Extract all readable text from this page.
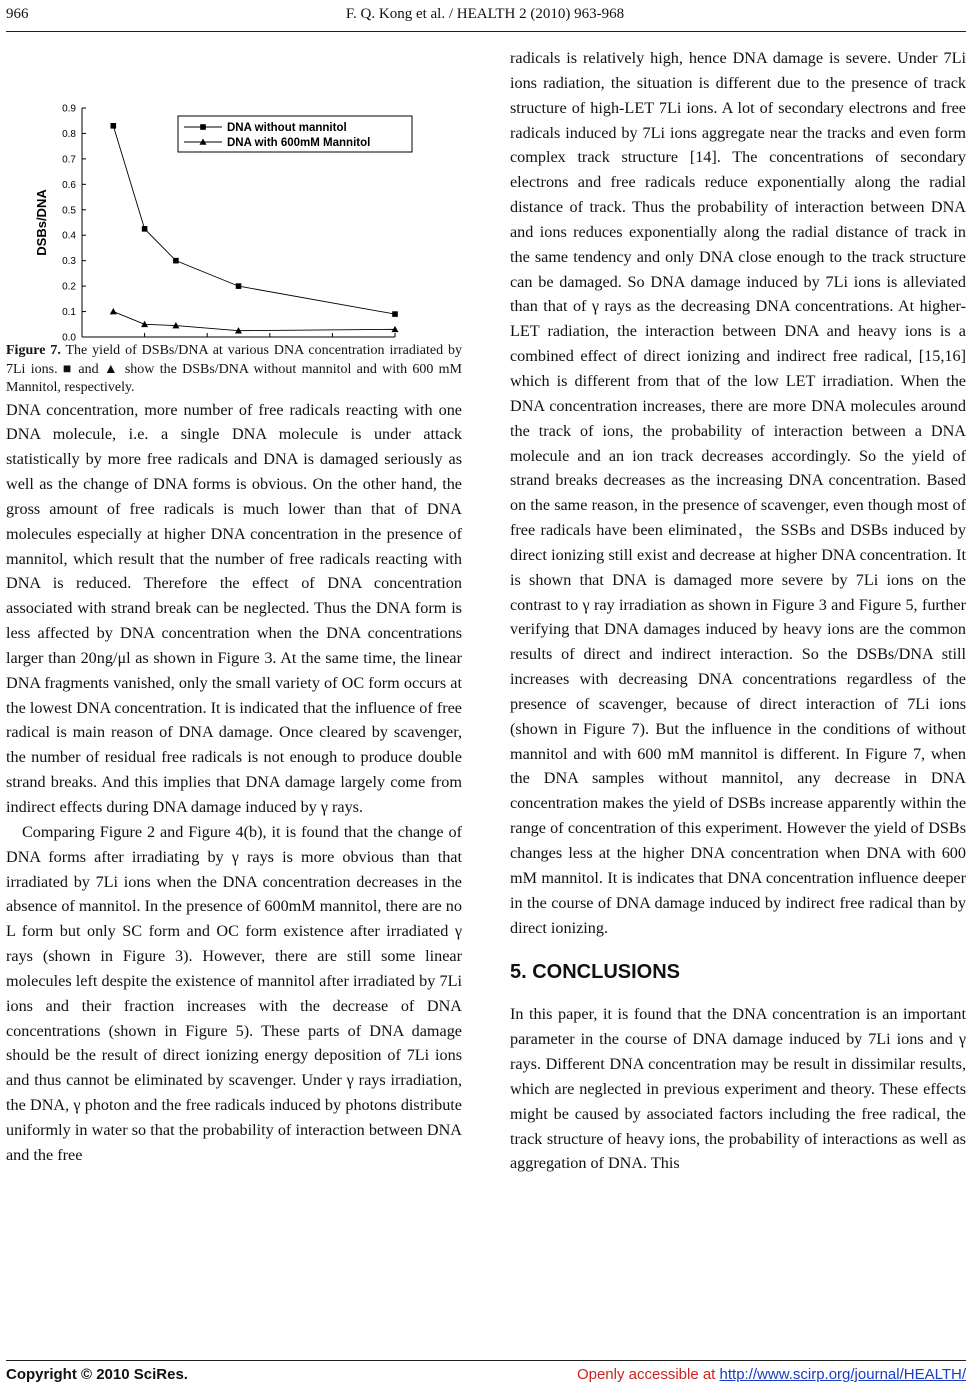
966	F. Q. Kong et al. / HEALTH 2 (2010) 963-968
0.0
0.1
0.2
0.3
0.4
0.5
0.6
0.7
0.8
0.9
DSBs/DNA
DNA without mannitol
DNA with 600mM Mannitol

Figure 7. The yield of DSBs/DNA at various DNA concentration irradiated by 7Li ions. ■ and ▲ show the DSBs/DNA without mannitol and with 600 mM Mannitol, respectively.

DNA concentration, more number of free radicals reacting with one DNA molecule, i.e. a single DNA molecule is under attack statistically by more free radicals and DNA is damaged seriously as well as the change of DNA forms is obvious. On the other hand, the gross amount of free radicals is much lower than that of DNA molecules especially at higher DNA concentration in the presence of mannitol, which result that the number of free radicals reacting with DNA is reduced. Therefore the effect of DNA concentration associated with strand break can be neglected. Thus the DNA form is less affected by DNA concentration when the DNA concentrations larger than 20ng/μl as shown in Figure 3. At the same time, the linear DNA fragments vanished, only the small variety of OC form occurs at the lowest DNA concentration. It is indicated that the influence of free radical is main reason of DNA damage. Once cleared by scavenger, the number of residual free radicals is not enough to produce double strand breaks. And this implies that DNA damage largely come from indirect effects during DNA damage induced by γ rays.

Comparing Figure 2 and Figure 4(b), it is found that the change of DNA forms after irradiating by γ rays is more obvious than that irradiated by 7Li ions when the DNA concentration decreases in the absence of mannitol. In the presence of 600mM mannitol, there are no L form but only SC form and OC form existence after irradiated γ rays (shown in Figure 3). However, there are still some linear molecules left despite the existence of mannitol after irradiated by 7Li ions and their fraction increases with the decrease of DNA concentrations (shown in Figure 5). These parts of DNA damage should be the result of direct ionizing energy deposition of 7Li ions and thus cannot be eliminated by scavenger. Under γ rays irradiation, the DNA, γ photon and the free radicals induced by photons distribute uniformly in water so that the probability of interaction between DNA and the free

radicals is relatively high, hence DNA damage is severe. Under 7Li ions radiation, the situation is different due to the presence of track structure of high-LET 7Li ions. A lot of secondary electrons and free radicals induced by 7Li ions aggregate near the tracks and even form complex track structure [14]. The concentrations of secondary electrons and free radicals reduce exponentially along the radial distance of track. Thus the probability of interaction between DNA and ions reduces exponentially along the radial distance of track in the same tendency and only DNA close enough to the track structure can be damaged. So DNA damage induced by 7Li ions is alleviated than that of γ rays as the decreasing DNA concentrations. At higher-LET radiation, the interaction between DNA and heavy ions is a combined effect of direct ionizing and indirect free radical, [15,16] which is different from that of the low LET irradiation. When the DNA concentration increases, there are more DNA molecules around the track of ions, the probability of interaction between a DNA molecule and an ion track decreases accordingly. So the yield of strand breaks decreases as the increasing DNA concentration. Based on the same reason, in the presence of scavenger, even though most of free radicals have been eliminated，the SSBs and DSBs induced by direct ionizing still exist and decrease at higher DNA concentration. It is shown that DNA is damaged more severe by 7Li ions on the contrast to γ ray irradiation as shown in Figure 3 and Figure 5, further verifying that DNA damages induced by heavy ions are the common results of direct and indirect interaction. So the DSBs/DNA still increases with decreasing DNA concentrations regardless of the presence of scavenger, because of direct interaction of 7Li ions (shown in Figure 7). But the influence in the conditions of without mannitol and with 600 mM mannitol is different. In Figure 7, when the DNA samples without mannitol, any decrease in DNA concentration makes the yield of DSBs increase apparently within the range of concentration of this experiment. However the yield of DSBs changes less at the higher DNA concentration when DNA with 600 mM mannitol. It is indicates that DNA concentration influence deeper in the course of DNA damage induced by indirect free radical than by direct ionizing.

5. CONCLUSIONS

In this paper, it is found that the DNA concentration is an important parameter in the course of DNA damage induced by 7Li ions and γ rays. Different DNA concentration may be result in dissimilar results, which are neglected in previous experiment and theory. These effects might be caused by associated factors including the free radical, the track structure of heavy ions, the probability of interactions as well as aggregation of DNA. This

Copyright © 2010 SciRes.	Openly accessible at http://www.scirp.org/journal/HEALTH/
